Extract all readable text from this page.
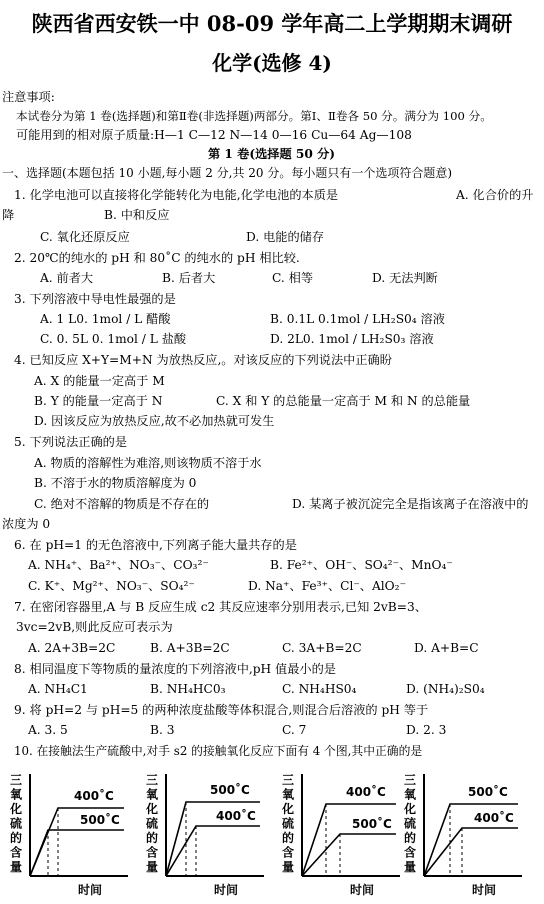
陕西省西安铁一中 08-09 学年高二上学期期末调研
化学(选修 4)
注意事项:
本试卷分为第 1 卷(选择题)和第Ⅱ卷(非选择题)两部分。第Ⅰ、Ⅱ卷各 50 分。满分为 100 分。
可能用到的相对原子质量:H—1 C—12 N—14 0—16 Cu—64 Ag—108
第 1 卷(选择题 50 分)
一、选择题(本题包括 10 小题,每小题 2 分,共 20 分。每小题只有一个选项符合题意)
1. 化学电池可以直接将化学能转化为电能,化学电池的本质是	A. 化合价的升
降	B. 中和反应
C. 氧化还原反应	D. 电能的储存
2. 20℃的纯水的 pH 和 80˚C 的纯水的 pH 相比较.
A. 前者大	B. 后者大	C. 相等	D. 无法判断
3. 下列溶液中导电性最强的是
A. 1 L0. 1mol / L 醋酸	B. 0.1L 0.1mol / LH₂S0₄ 溶液
C. 0. 5L 0. 1mol / L 盐酸	D. 2L0. 1mol / LH₂S0₃ 溶液
4. 已知反应 X+Y=M+N 为放热反应,。对该反应的下列说法中正确盼
A. X 的能量一定高于 M
B. Y 的能量一定高于 N	C. X 和 Y 的总能量一定高于 M 和 N 的总能量
D. 因该反应为放热反应,故不必加热就可发生
5. 下列说法正确的是
A. 物质的溶解性为难溶,则该物质不溶于水
B. 不溶于水的物质溶解度为 0
C. 绝对不溶解的物质是不存在的	D. 某离子被沉淀完全是指该离子在溶液中的
浓度为 0
6. 在 pH=1 的无色溶液中,下列离子能大量共存的是
A. NH₄⁺、Ba²⁺、NO₃⁻、CO₃²⁻	B. Fe²⁺、OH⁻、SO₄²⁻、MnO₄⁻
C. K⁺、Mg²⁺、NO₃⁻、SO₄²⁻	D. Na⁺、Fe³⁺、Cl⁻、AlO₂⁻
7. 在密闭容器里,A 与 B 反应生成 c2 其反应速率分别用表示,已知 2vB=3、
3vc=2vB,则此反应可表示为
A. 2A+3B=2C	B. A+3B=2C	C. 3A+B=2C	D. A+B=C
8. 相同温度下等物质的量浓度的下列溶液中,pH 值最小的是
A. NH₄C1	B. NH₄HC0₃	C. NH₄HS0₄	D. (NH₄)₂S0₄
9. 将 pH=2 与 pH=5 的两种浓度盐酸等体积混合,则混合后溶液的 pH 等于
A. 3. 5	B. 3	C. 7	D. 2. 3
10. 在接触法生产硫酸中,对手 s2 的接触氧化反应下面有 4 个图,其中正确的是
三
氧
化
硫
的
含
量
时间
400˚C
500˚C
三
氧
化
硫
的
含
量
时间
500˚C
400˚C
三
氧
化
硫
的
含
量
时间
400˚C
500˚C
三
氧
化
硫
的
含
量
时间
500˚C
400˚C
